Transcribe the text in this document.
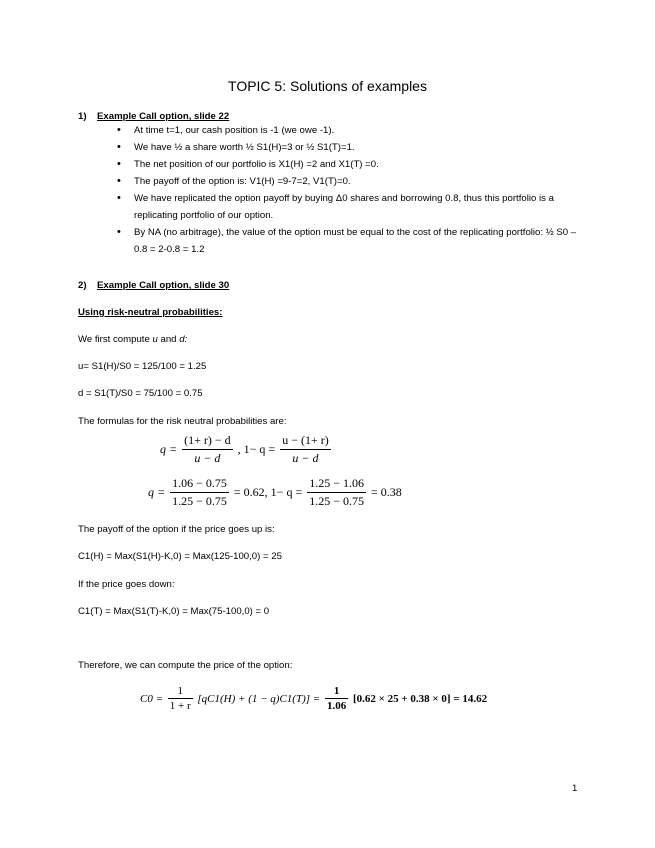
TOPIC 5: Solutions of examples
1) Example Call option, slide 22
• At time t=1, our cash position is -1 (we owe -1).
• We have ½ a share worth ½ S1(H)=3 or ½ S1(T)=1.
• The net position of our portfolio is X1(H) =2 and X1(T) =0.
• The payoff of the option is: V1(H) =9-7=2, V1(T)=0.
• We have replicated the option payoff by buying Δ0 shares and borrowing 0.8, thus this portfolio is a replicating portfolio of our option.
• By NA (no arbitrage), the value of the option must be equal to the cost of the replicating portfolio: ½ S0 – 0.8 = 2-0.8 = 1.2
2) Example Call option, slide 30
Using risk-neutral probabilities:
We first compute u and d:
u= S1(H)/S0 = 125/100 = 1.25
d = S1(T)/S0 = 75/100 = 0.75
The formulas for the risk neutral probabilities are:
$q = \frac{(1+ r) - d}{u - d}$ , $1- q = \frac{u - (1+ r)}{u - d}$
$q = \frac{1.06 - 0.75}{1.25 - 0.75} = 0.62$, $1- q = \frac{1.25 - 1.06}{1.25 - 0.75} = 0.38$
The payoff of the option if the price goes up is:
C1(H) = Max(S1(H)-K,0) = Max(125-100,0) = 25
If the price goes down:
C1(T) = Max(S1(T)-K,0) = Max(75-100,0) = 0
Therefore, we can compute the price of the option:
$C0 = \frac{1}{1 + r} [qC1(H) + (1 - q)C1(T)] = \frac{1}{1.06} [0.62 \times 25 + 0.38 \times 0] = 14.62$
1
